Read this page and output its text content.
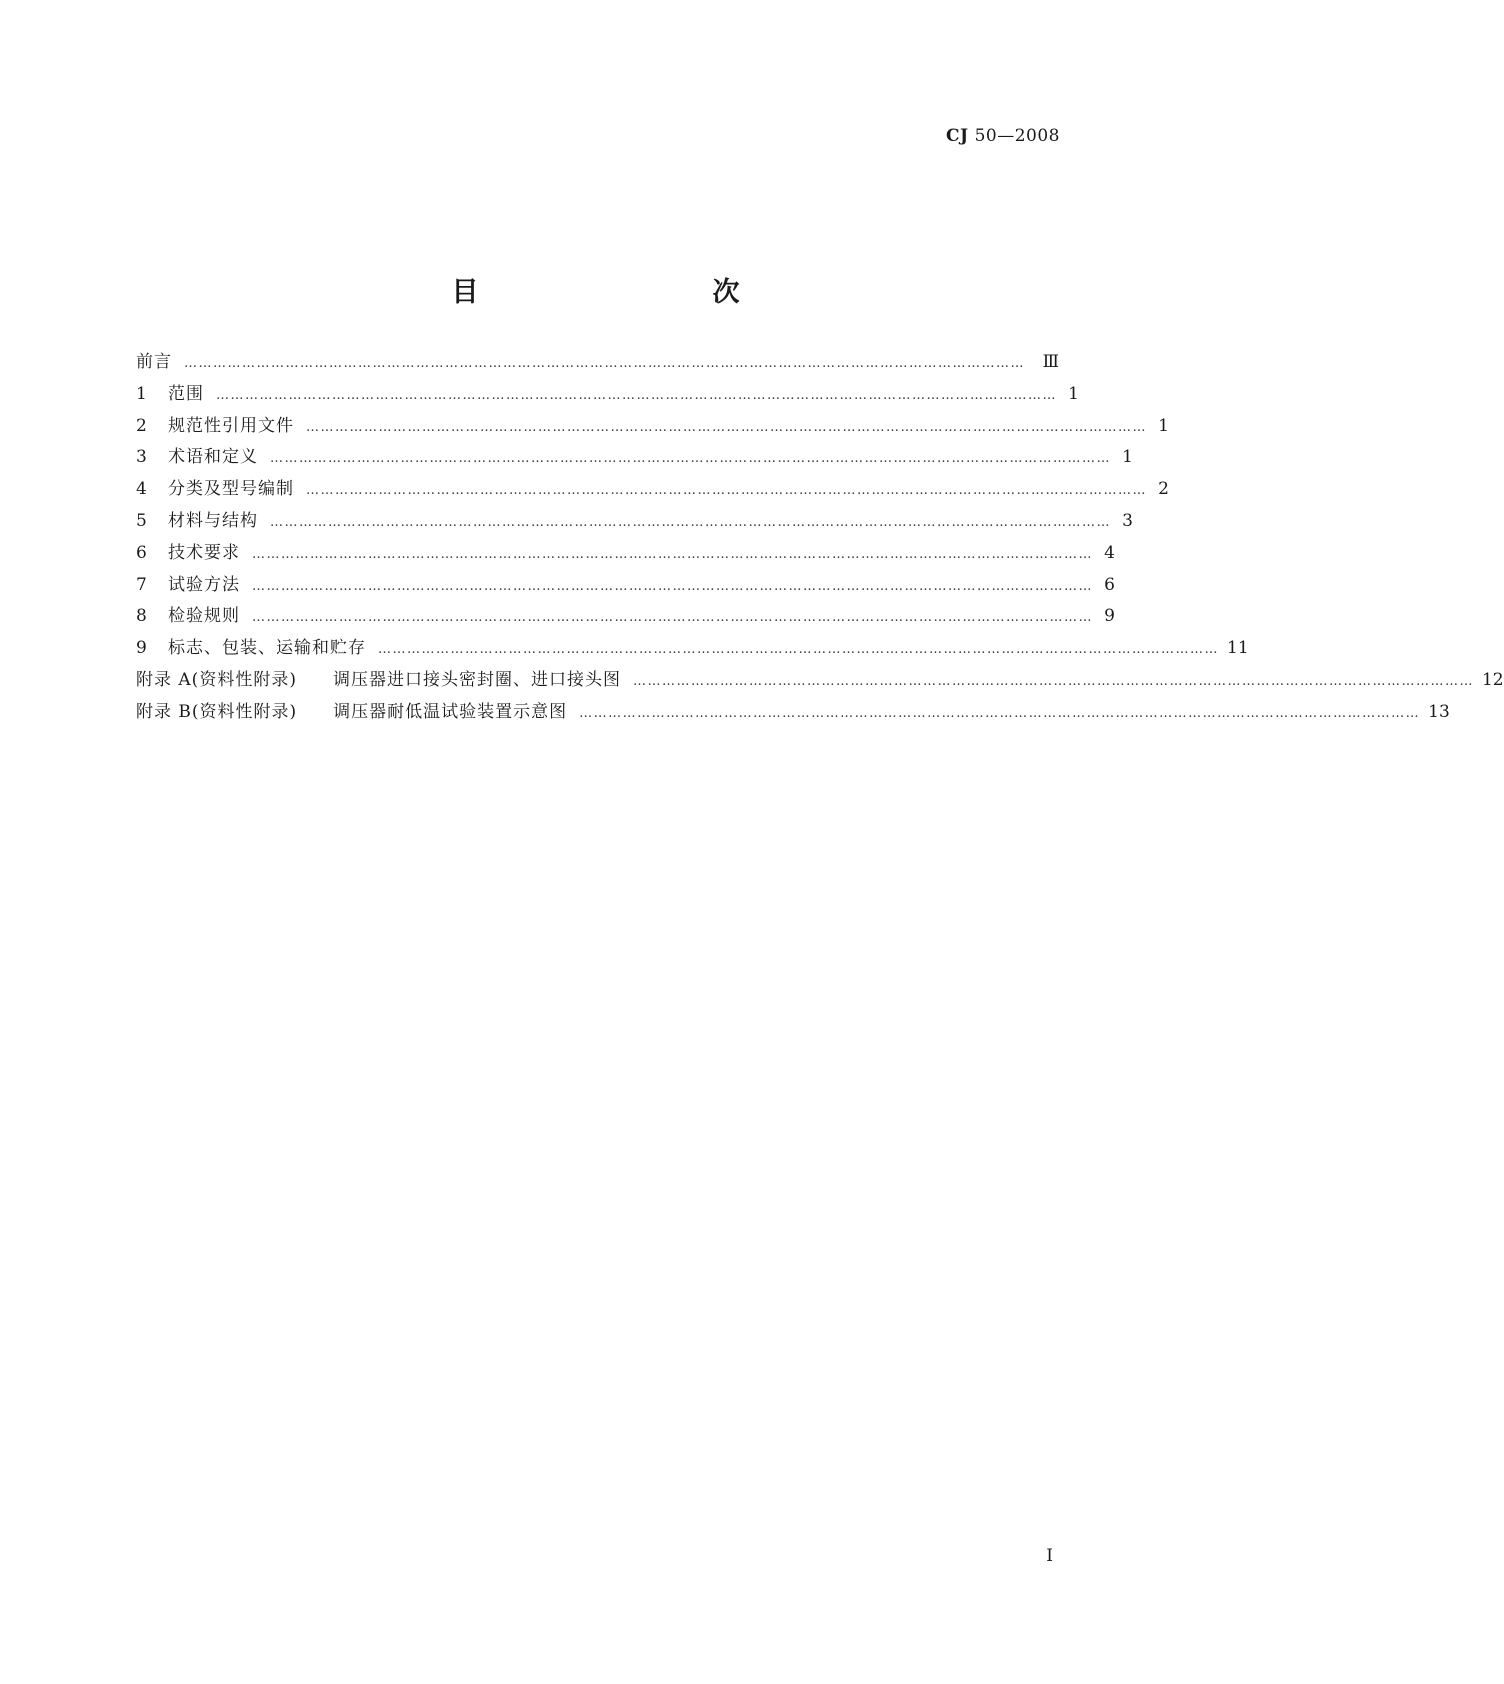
CJ 50—2008
目　　次
前言 …………………………………………………………………………………………………………………………………………………………	Ⅲ
1	范围 ………………………………………………………………………………………………………………………………………………………… 1
2	规范性引用文件 ………………………………………………………………………………………………………………………………………………………… 1
3	术语和定义 ………………………………………………………………………………………………………………………………………………………… 1
4	分类及型号编制 ………………………………………………………………………………………………………………………………………………………… 2
5	材料与结构 ………………………………………………………………………………………………………………………………………………………… 3
6	技术要求 ………………………………………………………………………………………………………………………………………………………… 4
7	试验方法 ………………………………………………………………………………………………………………………………………………………… 6
8	检验规则 ………………………………………………………………………………………………………………………………………………………… 9
9	标志、包装、运输和贮存 ………………………………………………………………………………………………………………………………………………………… 11
附录 A(资料性附录) 调压器进口接头密封圈、进口接头图 ………………………………………………………………………………………………………………………………………………………… 12
附录 B(资料性附录) 调压器耐低温试验装置示意图 ………………………………………………………………………………………………………………………………………………………… 13
Ⅰ
